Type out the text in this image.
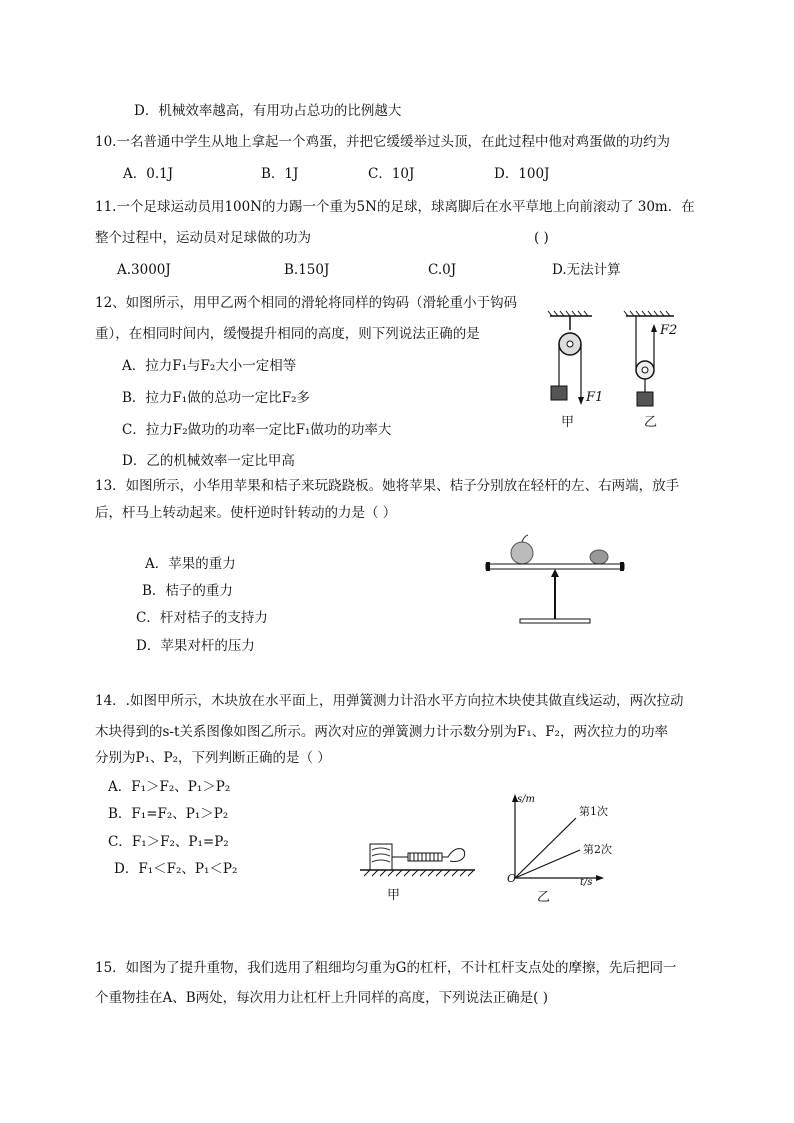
D．机械效率越高，有用功占总功的比例越大
10.一名普通中学生从地上拿起一个鸡蛋，并把它缓缓举过头顶，在此过程中他对鸡蛋做的功约为
A．0.1J	B．1J	C．10J	D．100J
11.一个足球运动员用100N的力踢一个重为5N的足球，球离脚后在水平草地上向前滚动了 30m．在
整个过程中，运动员对足球做的功为	( )
A.3000J	B.150J	C.0J	D.无法计算
12、如图所示，用甲乙两个相同的滑轮将同样的钩码（滑轮重小于钩码
重），在相同时间内，缓慢提升相同的高度，则下列说法正确的是
A．拉力F₁与F₂大小一定相等
B．拉力F₁做的总功一定比F₂多
C．拉力F₂做功的功率一定比F₁做功的功率大
D．乙的机械效率一定比甲高
F1
F2
甲	乙
13．如图所示，小华用苹果和桔子来玩跷跷板。她将苹果、桔子分别放在轻杆的左、右两端，放手
后，杆马上转动起来。使杆逆时针转动的力是（ ）
A．苹果的重力
B．桔子的重力
C．杆对桔子的支持力
D．苹果对杆的压力
14．.如图甲所示，木块放在水平面上，用弹簧测力计沿水平方向拉木块使其做直线运动，两次拉动
木块得到的s-t关系图像如图乙所示。两次对应的弹簧测力计示数分别为F₁、F₂，两次拉力的功率
分别为P₁、P₂，下列判断正确的是（ ）
A．F₁＞F₂、P₁＞P₂
B．F₁=F₂、P₁＞P₂
C．F₁＞F₂、P₁=P₂
D．F₁＜F₂、P₁＜P₂
甲
s/m
t/s
O
第1次
第2次
乙
15．如图为了提升重物，我们选用了粗细均匀重为G的杠杆，不计杠杆支点处的摩擦，先后把同一
个重物挂在A、B两处，每次用力让杠杆上升同样的高度，下列说法正确是( )
